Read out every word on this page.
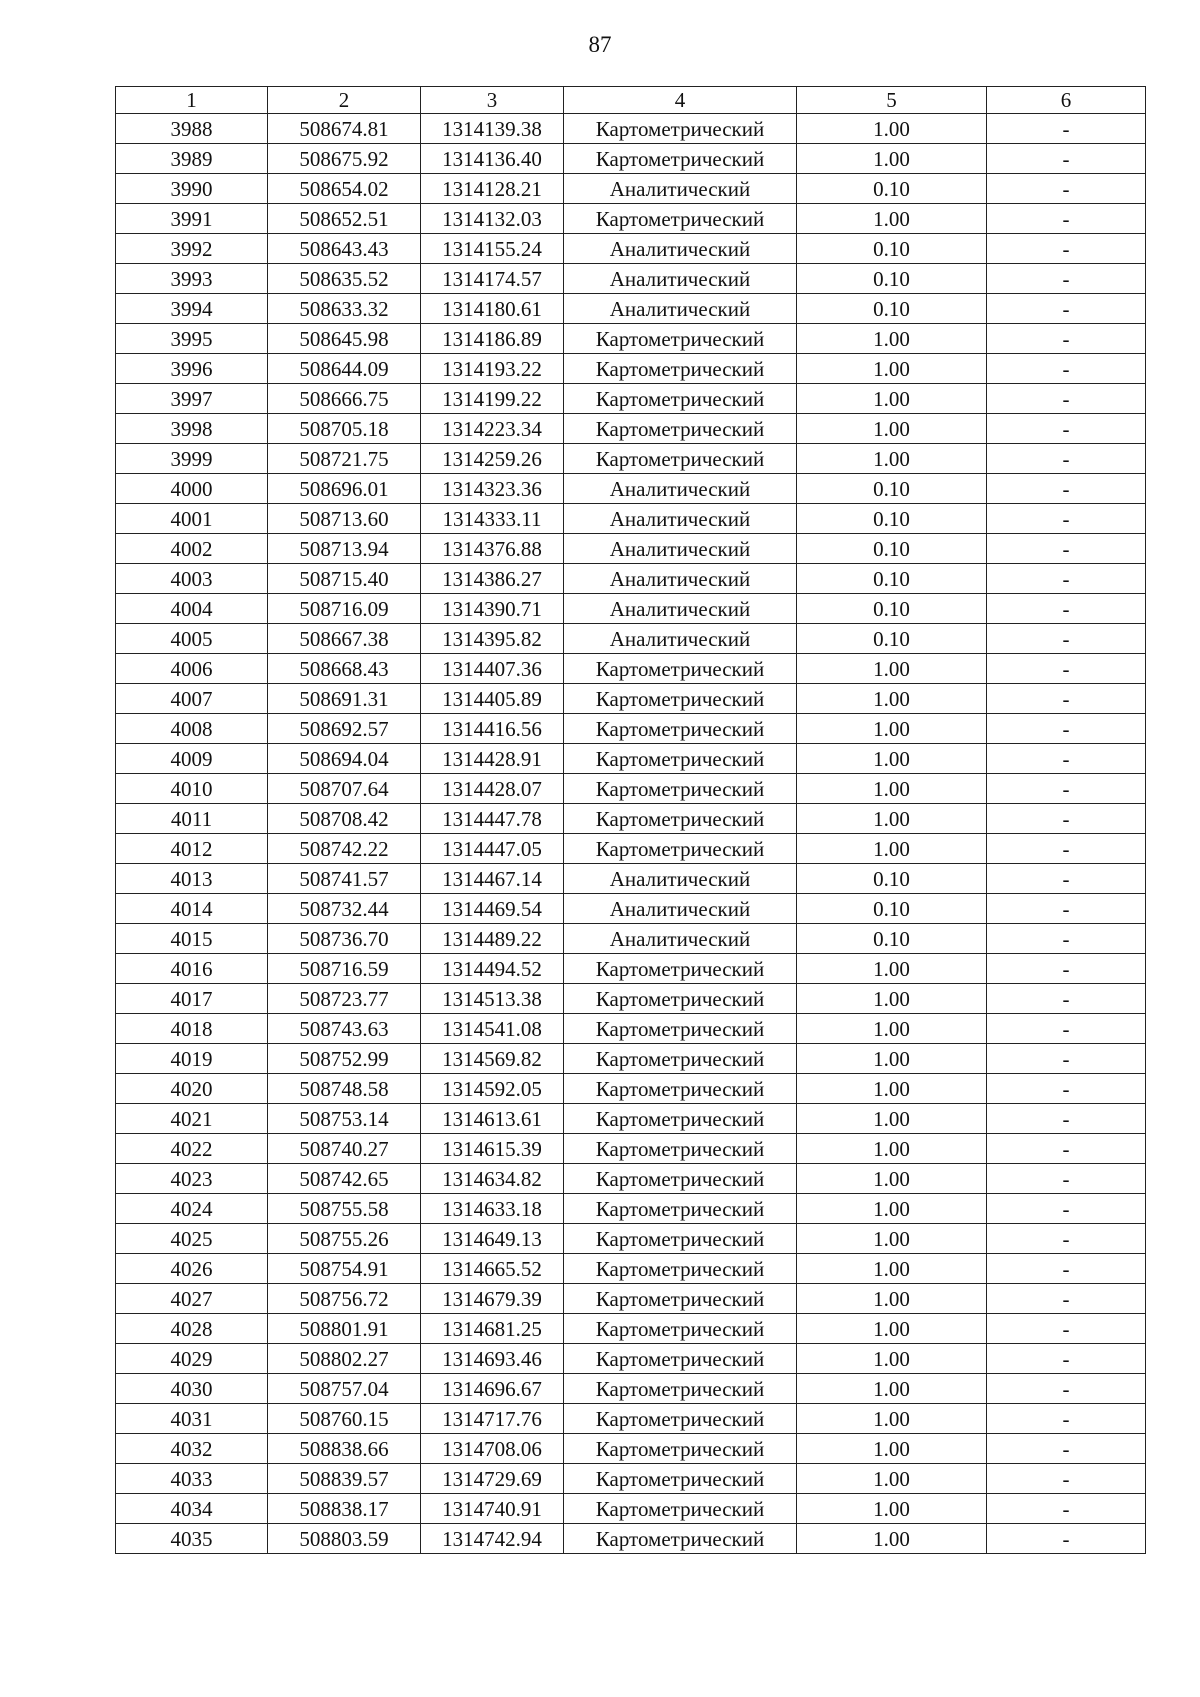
87
1	2	3	4	5	6
3988	508674.81	1314139.38	Картометрический	1.00	-
3989	508675.92	1314136.40	Картометрический	1.00	-
3990	508654.02	1314128.21	Аналитический	0.10	-
3991	508652.51	1314132.03	Картометрический	1.00	-
3992	508643.43	1314155.24	Аналитический	0.10	-
3993	508635.52	1314174.57	Аналитический	0.10	-
3994	508633.32	1314180.61	Аналитический	0.10	-
3995	508645.98	1314186.89	Картометрический	1.00	-
3996	508644.09	1314193.22	Картометрический	1.00	-
3997	508666.75	1314199.22	Картометрический	1.00	-
3998	508705.18	1314223.34	Картометрический	1.00	-
3999	508721.75	1314259.26	Картометрический	1.00	-
4000	508696.01	1314323.36	Аналитический	0.10	-
4001	508713.60	1314333.11	Аналитический	0.10	-
4002	508713.94	1314376.88	Аналитический	0.10	-
4003	508715.40	1314386.27	Аналитический	0.10	-
4004	508716.09	1314390.71	Аналитический	0.10	-
4005	508667.38	1314395.82	Аналитический	0.10	-
4006	508668.43	1314407.36	Картометрический	1.00	-
4007	508691.31	1314405.89	Картометрический	1.00	-
4008	508692.57	1314416.56	Картометрический	1.00	-
4009	508694.04	1314428.91	Картометрический	1.00	-
4010	508707.64	1314428.07	Картометрический	1.00	-
4011	508708.42	1314447.78	Картометрический	1.00	-
4012	508742.22	1314447.05	Картометрический	1.00	-
4013	508741.57	1314467.14	Аналитический	0.10	-
4014	508732.44	1314469.54	Аналитический	0.10	-
4015	508736.70	1314489.22	Аналитический	0.10	-
4016	508716.59	1314494.52	Картометрический	1.00	-
4017	508723.77	1314513.38	Картометрический	1.00	-
4018	508743.63	1314541.08	Картометрический	1.00	-
4019	508752.99	1314569.82	Картометрический	1.00	-
4020	508748.58	1314592.05	Картометрический	1.00	-
4021	508753.14	1314613.61	Картометрический	1.00	-
4022	508740.27	1314615.39	Картометрический	1.00	-
4023	508742.65	1314634.82	Картометрический	1.00	-
4024	508755.58	1314633.18	Картометрический	1.00	-
4025	508755.26	1314649.13	Картометрический	1.00	-
4026	508754.91	1314665.52	Картометрический	1.00	-
4027	508756.72	1314679.39	Картометрический	1.00	-
4028	508801.91	1314681.25	Картометрический	1.00	-
4029	508802.27	1314693.46	Картометрический	1.00	-
4030	508757.04	1314696.67	Картометрический	1.00	-
4031	508760.15	1314717.76	Картометрический	1.00	-
4032	508838.66	1314708.06	Картометрический	1.00	-
4033	508839.57	1314729.69	Картометрический	1.00	-
4034	508838.17	1314740.91	Картометрический	1.00	-
4035	508803.59	1314742.94	Картометрический	1.00	-
